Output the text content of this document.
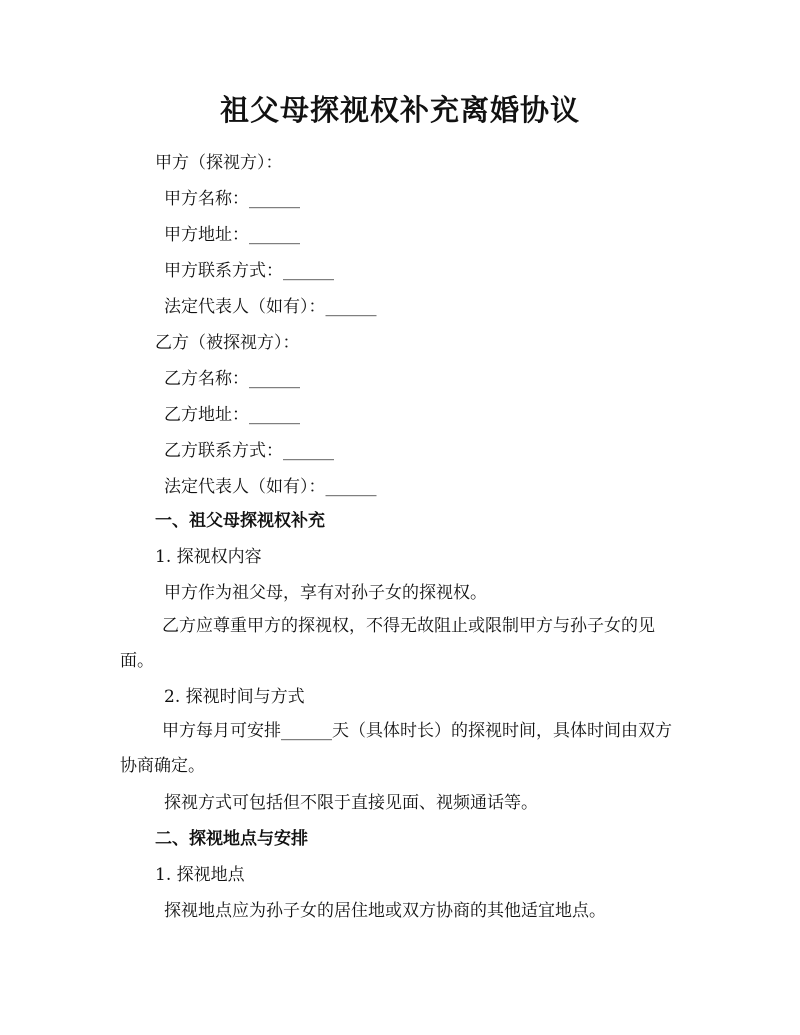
祖父母探视权补充离婚协议
甲方（探视方）：
甲方名称：______
甲方地址：______
甲方联系方式：______
法定代表人（如有）：______
乙方（被探视方）：
乙方名称：______
乙方地址：______
乙方联系方式：______
法定代表人（如有）：______
一、祖父母探视权补充
1. 探视权内容
甲方作为祖父母，享有对孙子女的探视权。
乙方应尊重甲方的探视权，不得无故阻止或限制甲方与孙子女的见面。
2. 探视时间与方式
甲方每月可安排______天（具体时长）的探视时间，具体时间由双方协商确定。
探视方式可包括但不限于直接见面、视频通话等。
二、探视地点与安排
1. 探视地点
探视地点应为孙子女的居住地或双方协商的其他适宜地点。
